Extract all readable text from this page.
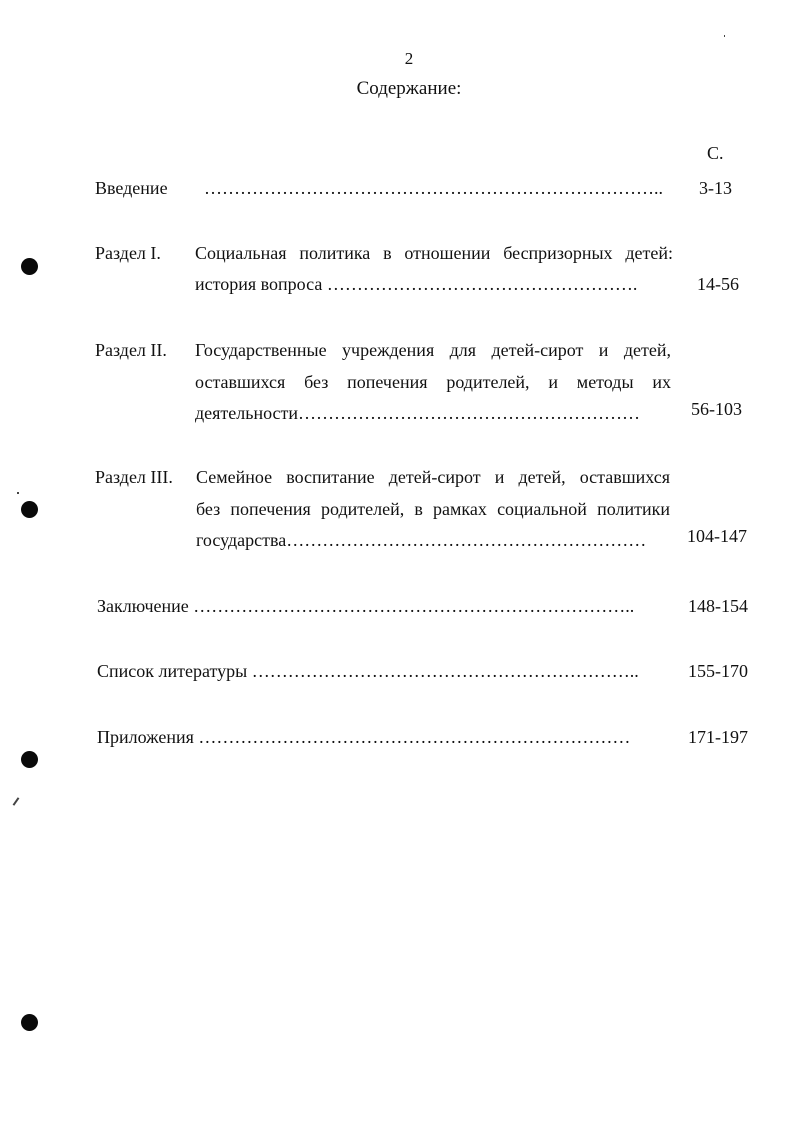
2
Содержание:
С.
Введение ………………………………………………………………….. 3-13
Раздел I. Социальная политика в отношении беспризорных детей:
история вопроса …………………………………………….	14-56
Раздел II. Государственные учреждения для детей-сирот и детей,
оставшихся без попечения родителей, и методы их
деятельности…………………………………………………	56-103
Раздел III. Семейное воспитание детей-сирот и детей, оставшихся
без попечения родителей, в рамках социальной политики
государства……………………………………………………	104-147
Заключение ………………………………………………………………..	148-154
Список литературы ………………………………………………………..	155-170
Приложения ………………………………………………………………	171-197
